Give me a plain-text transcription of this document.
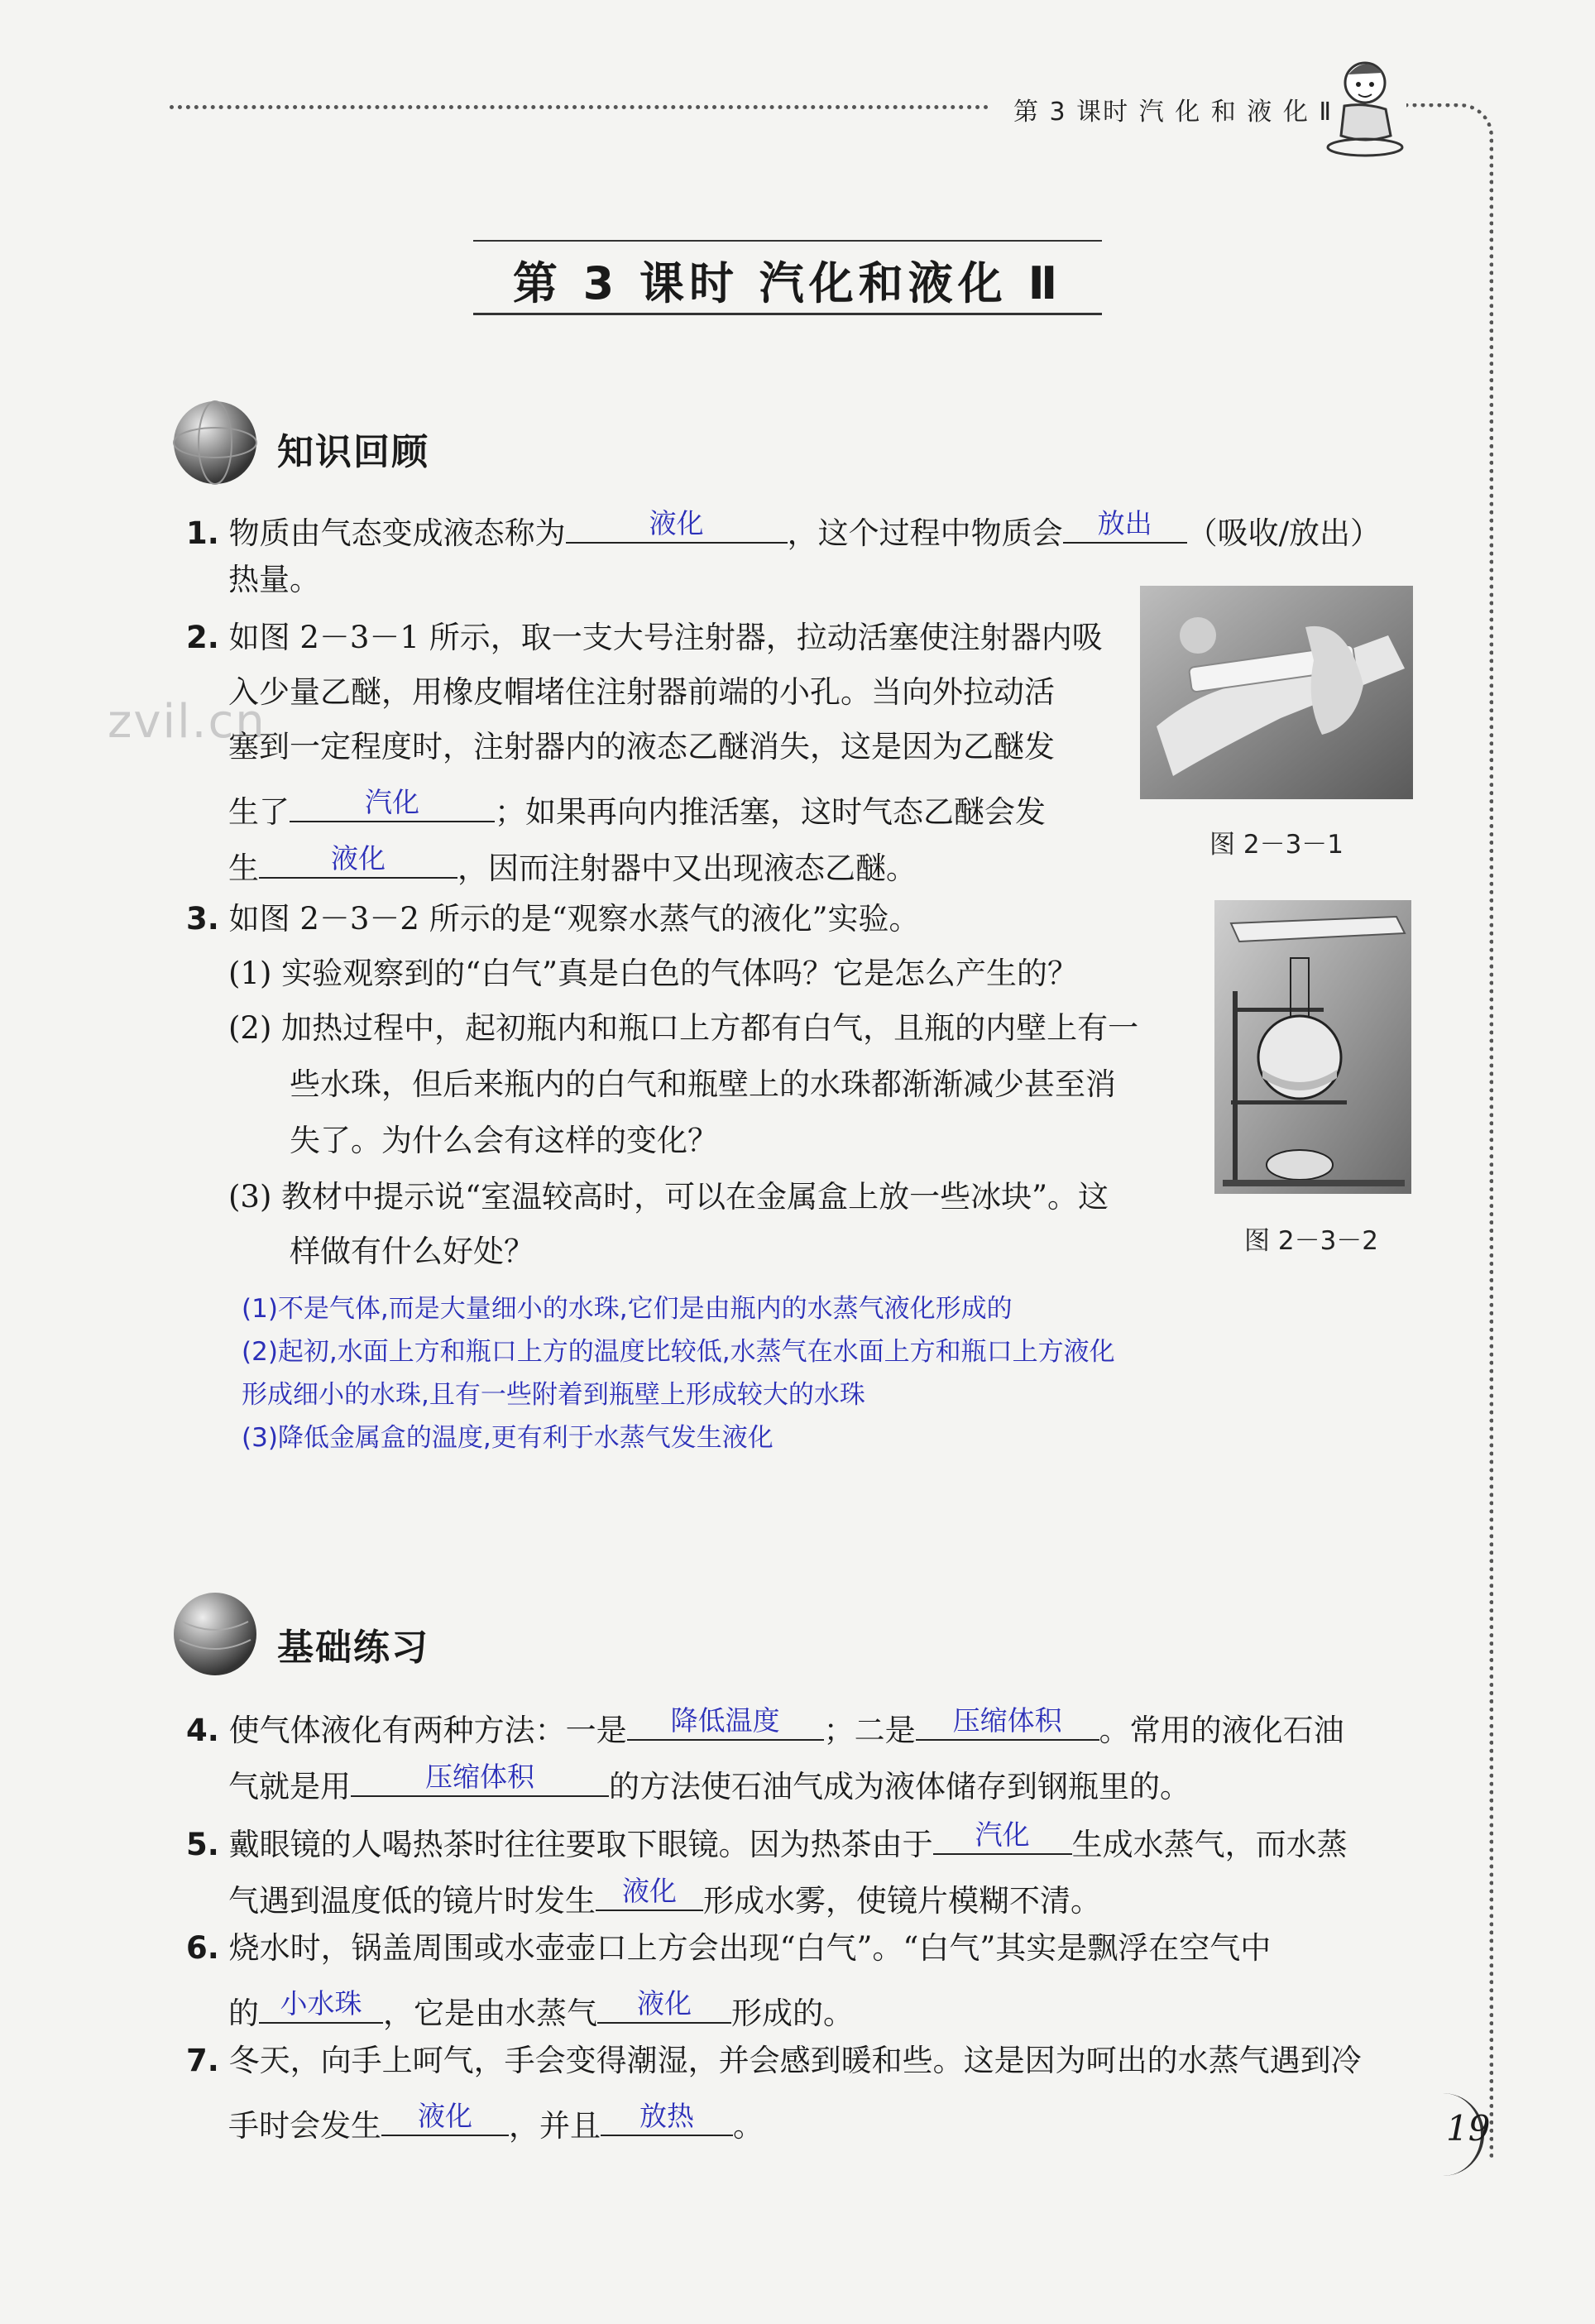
第 3 课时 汽 化 和 液 化 Ⅱ
第 3 课时 汽化和液化 Ⅱ
知识回顾
zvil.cn
1. 物质由气态变成液态称为	液化	，这个过程中物质会	放出	（吸收/放出）
热量。
2. 如图 2－3－1 所示，取一支大号注射器，拉动活塞使注射器内吸
入少量乙醚，用橡皮帽堵住注射器前端的小孔。当向外拉动活
塞到一定程度时，注射器内的液态乙醚消失，这是因为乙醚发
生了	汽化	；如果再向内推活塞，这时气态乙醚会发
生	液化	，因而注射器中又出现液态乙醚。
图 2－3－1
3. 如图 2－3－2 所示的是“观察水蒸气的液化”实验。
(1) 实验观察到的“白气”真是白色的气体吗？它是怎么产生的？
(2) 加热过程中，起初瓶内和瓶口上方都有白气，且瓶的内壁上有一
些水珠，但后来瓶内的白气和瓶壁上的水珠都渐渐减少甚至消
失了。为什么会有这样的变化？
(3) 教材中提示说“室温较高时，可以在金属盒上放一些冰块”。这
样做有什么好处？	图 2－3－2
(1)不是气体,而是大量细小的水珠,它们是由瓶内的水蒸气液化形成的
(2)起初,水面上方和瓶口上方的温度比较低,水蒸气在水面上方和瓶口上方液化
形成细小的水珠,且有一些附着到瓶壁上形成较大的水珠
(3)降低金属盒的温度,更有利于水蒸气发生液化
基础练习
4. 使气体液化有两种方法：一是	降低温度	；二是	压缩体积	。常用的液化石油
气就是用	压缩体积	的方法使石油气成为液体储存到钢瓶里的。
5. 戴眼镜的人喝热茶时往往要取下眼镜。因为热茶由于	汽化	生成水蒸气，而水蒸
气遇到温度低的镜片时发生 液化 形成水雾，使镜片模糊不清。
6. 烧水时，锅盖周围或水壶壶口上方会出现“白气”。“白气”其实是飘浮在空气中
的 小水珠 ，它是由水蒸气	液化	形成的。
7. 冬天，向手上呵气，手会变得潮湿，并会感到暖和些。这是因为呵出的水蒸气遇到冷
手时会发生	液化	，并且	放热	。	19
